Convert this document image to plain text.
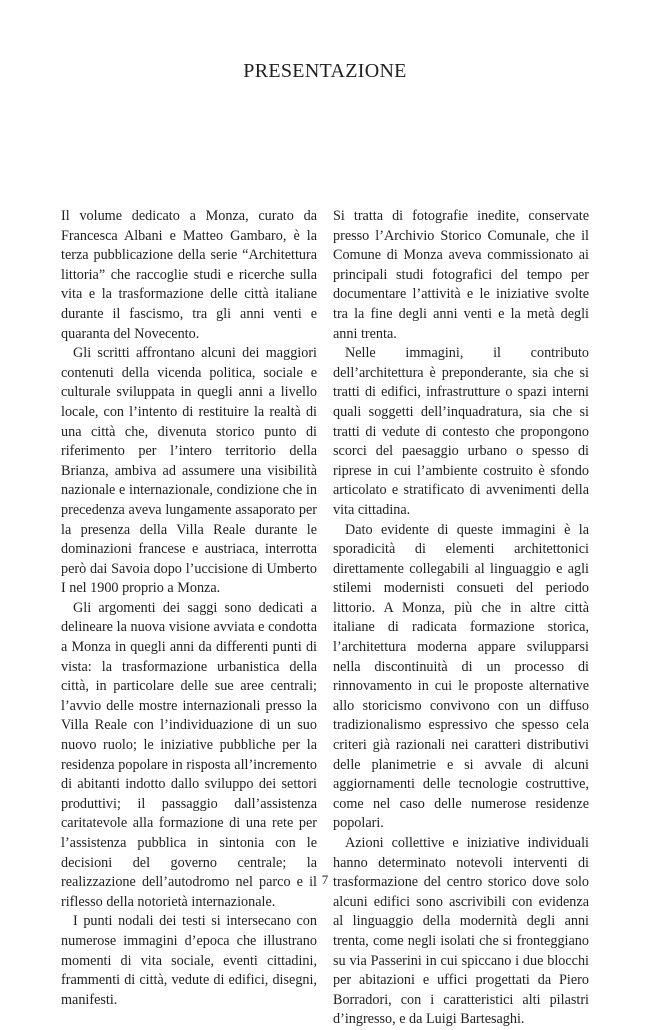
PRESENTAZIONE

Il volume dedicato a Monza, curato da Francesca Albani e Matteo Gambaro, è la terza pubblicazione della serie “Architettura littoria” che raccoglie studi e ricerche sulla vita e la trasformazione delle città italiane durante il fascismo, tra gli anni venti e quaranta del Novecento.

Gli scritti affrontano alcuni dei maggiori contenuti della vicenda politica, sociale e culturale sviluppata in quegli anni a livello locale, con l’intento di restituire la realtà di una città che, divenuta storico punto di riferimento per l’intero territorio della Brianza, ambiva ad assumere una visibilità nazionale e internazionale, condizione che in precedenza aveva lungamente assaporato per la presenza della Villa Reale durante le dominazioni francese e austriaca, interrotta però dai Savoia dopo l’uccisione di Umberto I nel 1900 proprio a Monza.

Gli argomenti dei saggi sono dedicati a delineare la nuova visione avviata e condotta a Monza in quegli anni da differenti punti di vista: la trasformazione urbanistica della città, in particolare delle sue aree centrali; l’avvio delle mostre internazionali presso la Villa Reale con l’individuazione di un suo nuovo ruolo; le iniziative pubbliche per la residenza popolare in risposta all’incremento di abitanti indotto dallo sviluppo dei settori produttivi; il passaggio dall’assistenza caritatevole alla formazione di una rete per l’assistenza pubblica in sintonia con le decisioni del governo centrale; la realizzazione dell’autodromo nel parco e il riflesso della notorietà internazionale.

I punti nodali dei testi si intersecano con numerose immagini d’epoca che illustrano momenti di vita sociale, eventi cittadini, frammenti di città, vedute di edifici, disegni, manifesti.

Si tratta di fotografie inedite, conservate presso l’Archivio Storico Comunale, che il Comune di Monza aveva commissionato ai principali studi fotografici del tempo per documentare l’attività e le iniziative svolte tra la fine degli anni venti e la metà degli anni trenta.

Nelle immagini, il contributo dell’architettura è preponderante, sia che si tratti di edifici, infrastrutture o spazi interni quali soggetti dell’inquadratura, sia che si tratti di vedute di contesto che propongono scorci del paesaggio urbano o spesso di riprese in cui l’ambiente costruito è sfondo articolato e stratificato di avvenimenti della vita cittadina.

Dato evidente di queste immagini è la sporadicità di elementi architettonici direttamente collegabili al linguaggio e agli stilemi modernisti consueti del periodo littorio. A Monza, più che in altre città italiane di radicata formazione storica, l’architettura moderna appare svilupparsi nella discontinuità di un processo di rinnovamento in cui le proposte alternative allo storicismo convivono con un diffuso tradizionalismo espressivo che spesso cela criteri già razionali nei caratteri distributivi delle planimetrie e si avvale di alcuni aggiornamenti delle tecnologie costruttive, come nel caso delle numerose residenze popolari.

Azioni collettive e iniziative individuali hanno determinato notevoli interventi di trasformazione del centro storico dove solo alcuni edifici sono ascrivibili con evidenza al linguaggio della modernità degli anni trenta, come negli isolati che si fronteggiano su via Passerini in cui spiccano i due blocchi per abitazioni e uffici progettati da Piero Borradori, con i caratteristici alti pilastri d’ingresso, e da Luigi Bartesaghi.

7
